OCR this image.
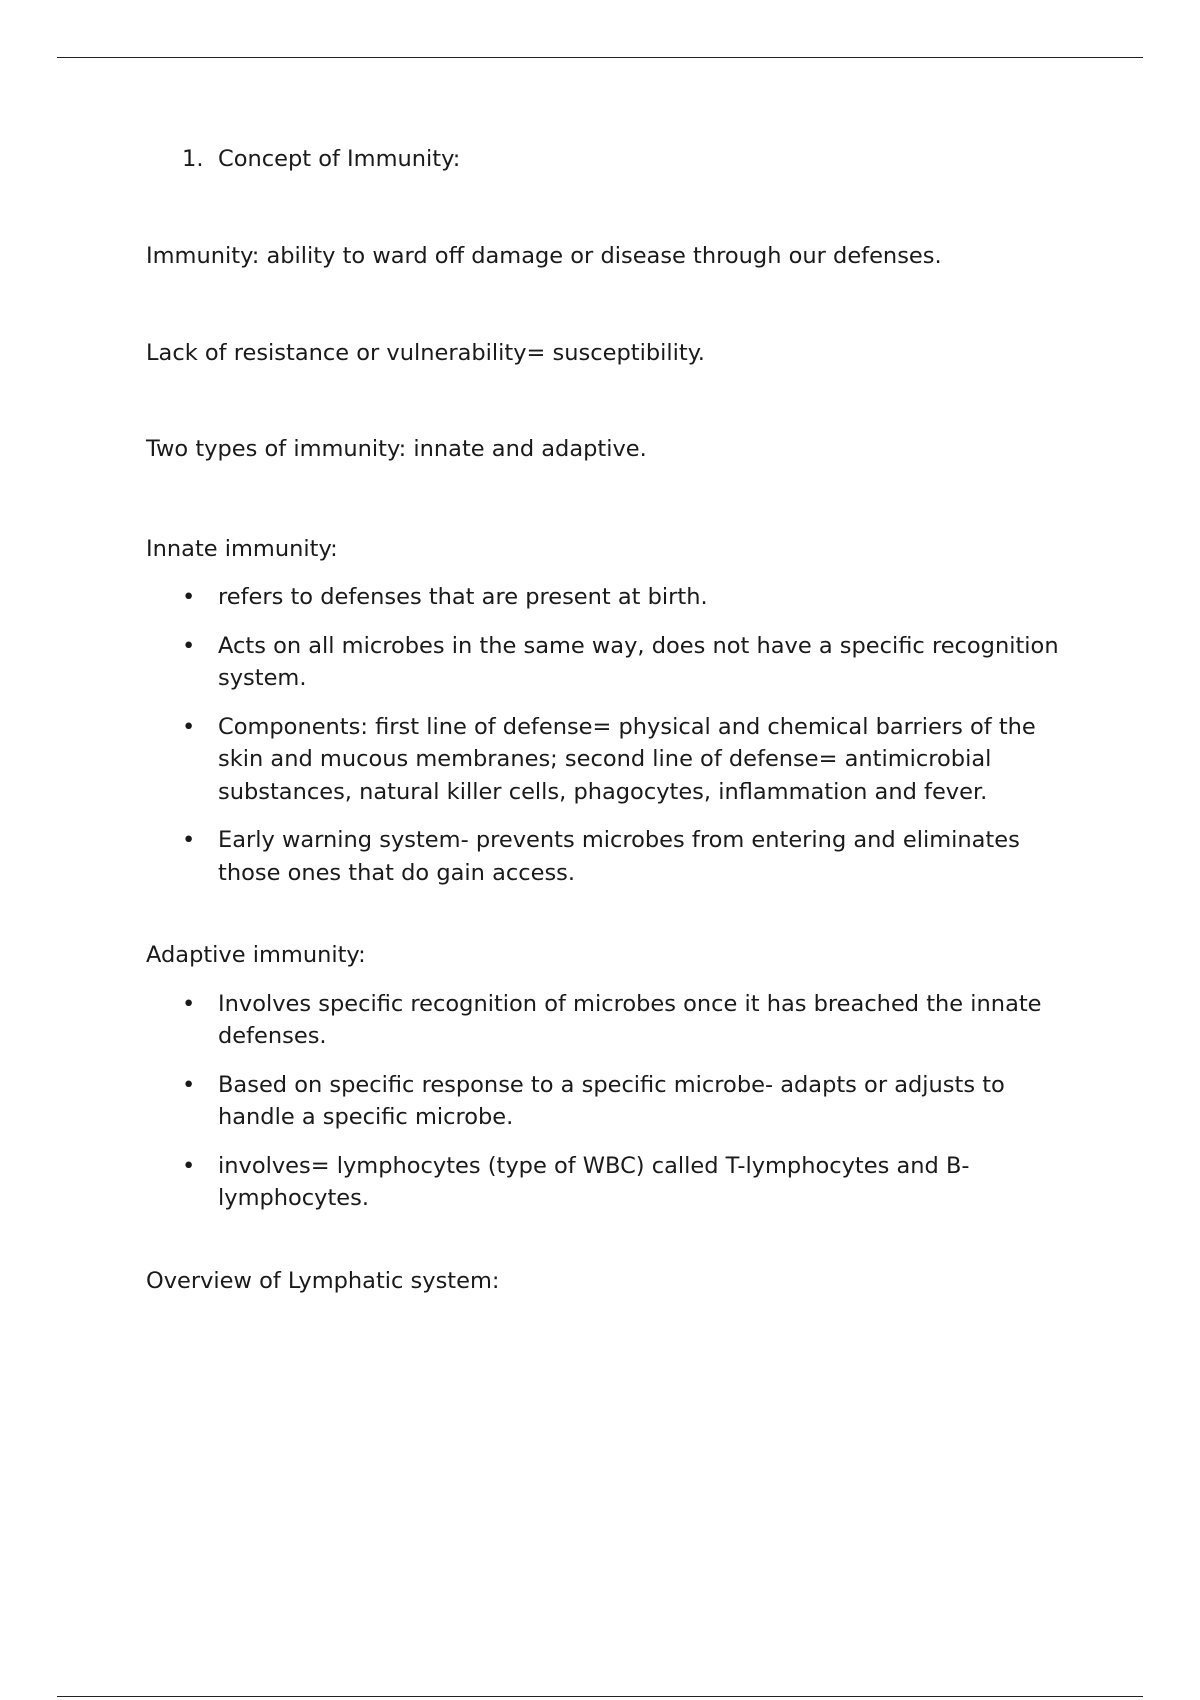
1. Concept of Immunity:

Immunity: ability to ward off damage or disease through our defenses.

Lack of resistance or vulnerability= susceptibility.

Two types of immunity: innate and adaptive.

Innate immunity:

• refers to defenses that are present at birth.
• Acts on all microbes in the same way, does not have a specific recognition system.
• Components: first line of defense= physical and chemical barriers of the skin and mucous membranes; second line of defense= antimicrobial substances, natural killer cells, phagocytes, inflammation and fever.
• Early warning system- prevents microbes from entering and eliminates those ones that do gain access.

Adaptive immunity:

• Involves specific recognition of microbes once it has breached the innate defenses.
• Based on specific response to a specific microbe- adapts or adjusts to handle a specific microbe.
• involves= lymphocytes (type of WBC) called T-lymphocytes and B-lymphocytes.

Overview of Lymphatic system:
